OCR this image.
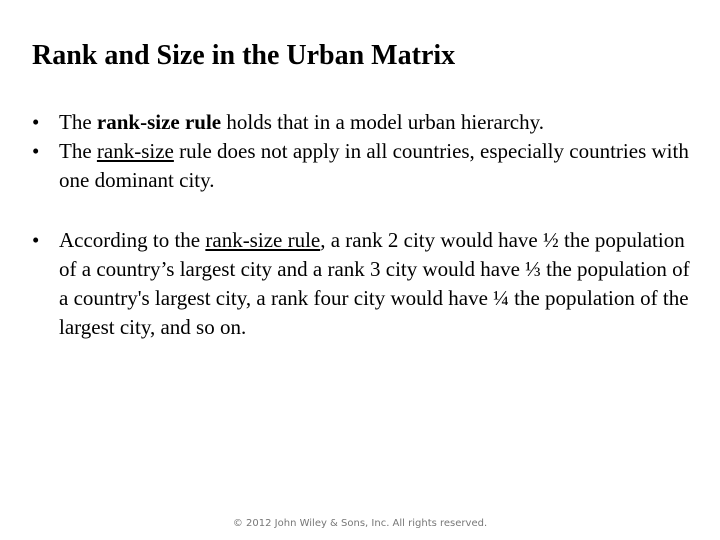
Rank and Size in the Urban Matrix
• The rank-size rule holds that in a model urban hierarchy.
• The rank-size rule does not apply in all countries, especially countries with one dominant city.
• According to the rank-size rule, a rank 2 city would have ½ the population of a country’s largest city and a rank 3 city would have ⅓ the population of a country's largest city, a rank four city would have ¼ the population of the largest city, and so on.
© 2012 John Wiley & Sons, Inc. All rights reserved.
